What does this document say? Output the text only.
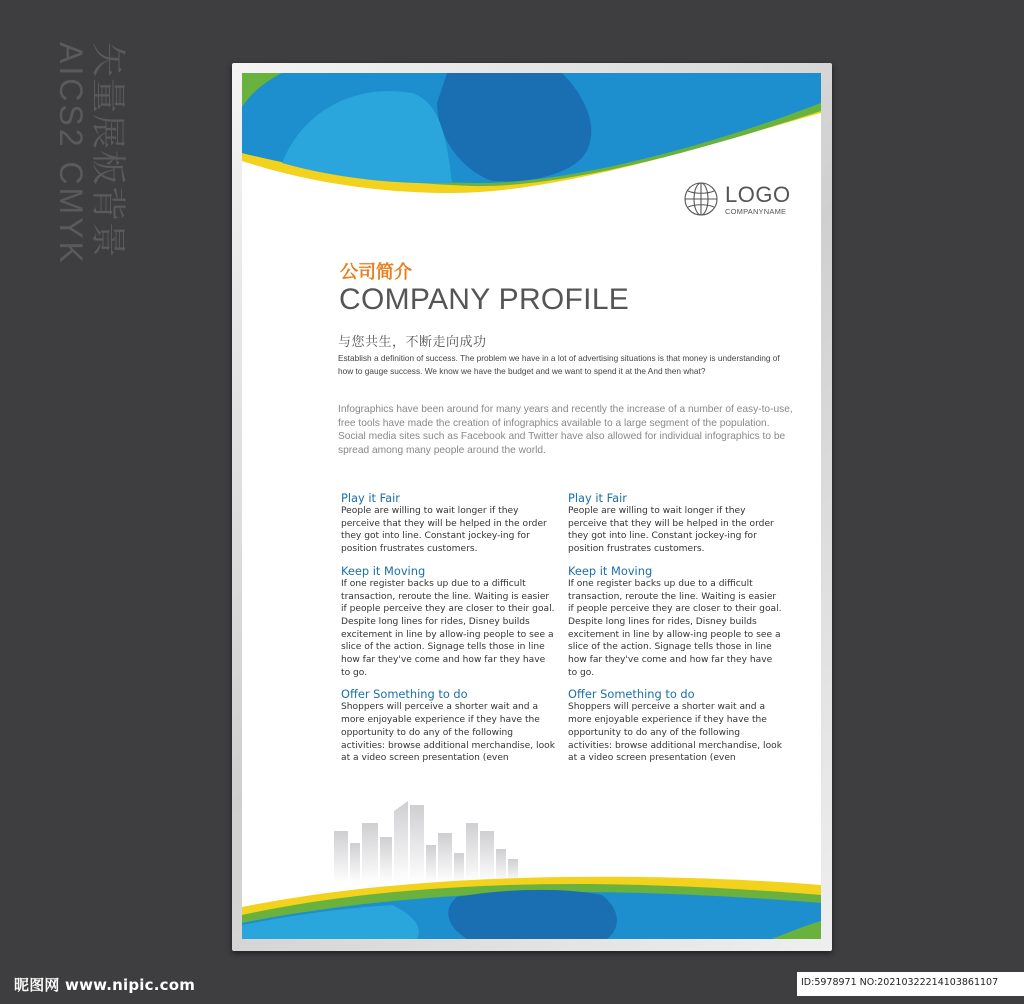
矢量展板背景
AICS2 CMYK	LOGO
COMPANYNAME
公司简介
COMPANY PROFILE
与您共生，不断走向成功
Establish a definition of success. The problem we have in a lot of advertising situations is that money is understanding of how to gauge success. We know we have the budget and we want to spend it at the And then what?
Infographics have been around for many years and recently the increase of a number of easy-to-use, free tools have made the creation of infographics available to a large segment of the population. Social media sites such as Facebook and Twitter have also allowed for individual infographics to be spread among many people around the world.
Play it Fair
People are willing to wait longer if they perceive that they will be helped in the order they got into line. Constant jockey-ing for position frustrates customers.
Keep it Moving
If one register backs up due to a difficult transaction, reroute the line. Waiting is easier if people perceive they are closer to their goal. Despite long lines for rides, Disney builds excitement in line by allow-ing people to see a slice of the action. Signage tells those in line how far they've come and how far they have to go.
Offer Something to do
Shoppers will perceive a shorter wait and a more enjoyable experience if they have the opportunity to do any of the following activities: browse additional merchandise, look at a video screen presentation (even
Play it Fair
People are willing to wait longer if they perceive that they will be helped in the order they got into line. Constant jockey-ing for position frustrates customers.
Keep it Moving
If one register backs up due to a difficult transaction, reroute the line. Waiting is easier if people perceive they are closer to their goal. Despite long lines for rides, Disney builds excitement in line by allow-ing people to see a slice of the action. Signage tells those in line how far they've come and how far they have to go.
Offer Something to do
Shoppers will perceive a shorter wait and a more enjoyable experience if they have the opportunity to do any of the following activities: browse additional merchandise, look at a video screen presentation (even
昵图网 www.nipic.com	ID:5978971 NO:20210322214103861107
